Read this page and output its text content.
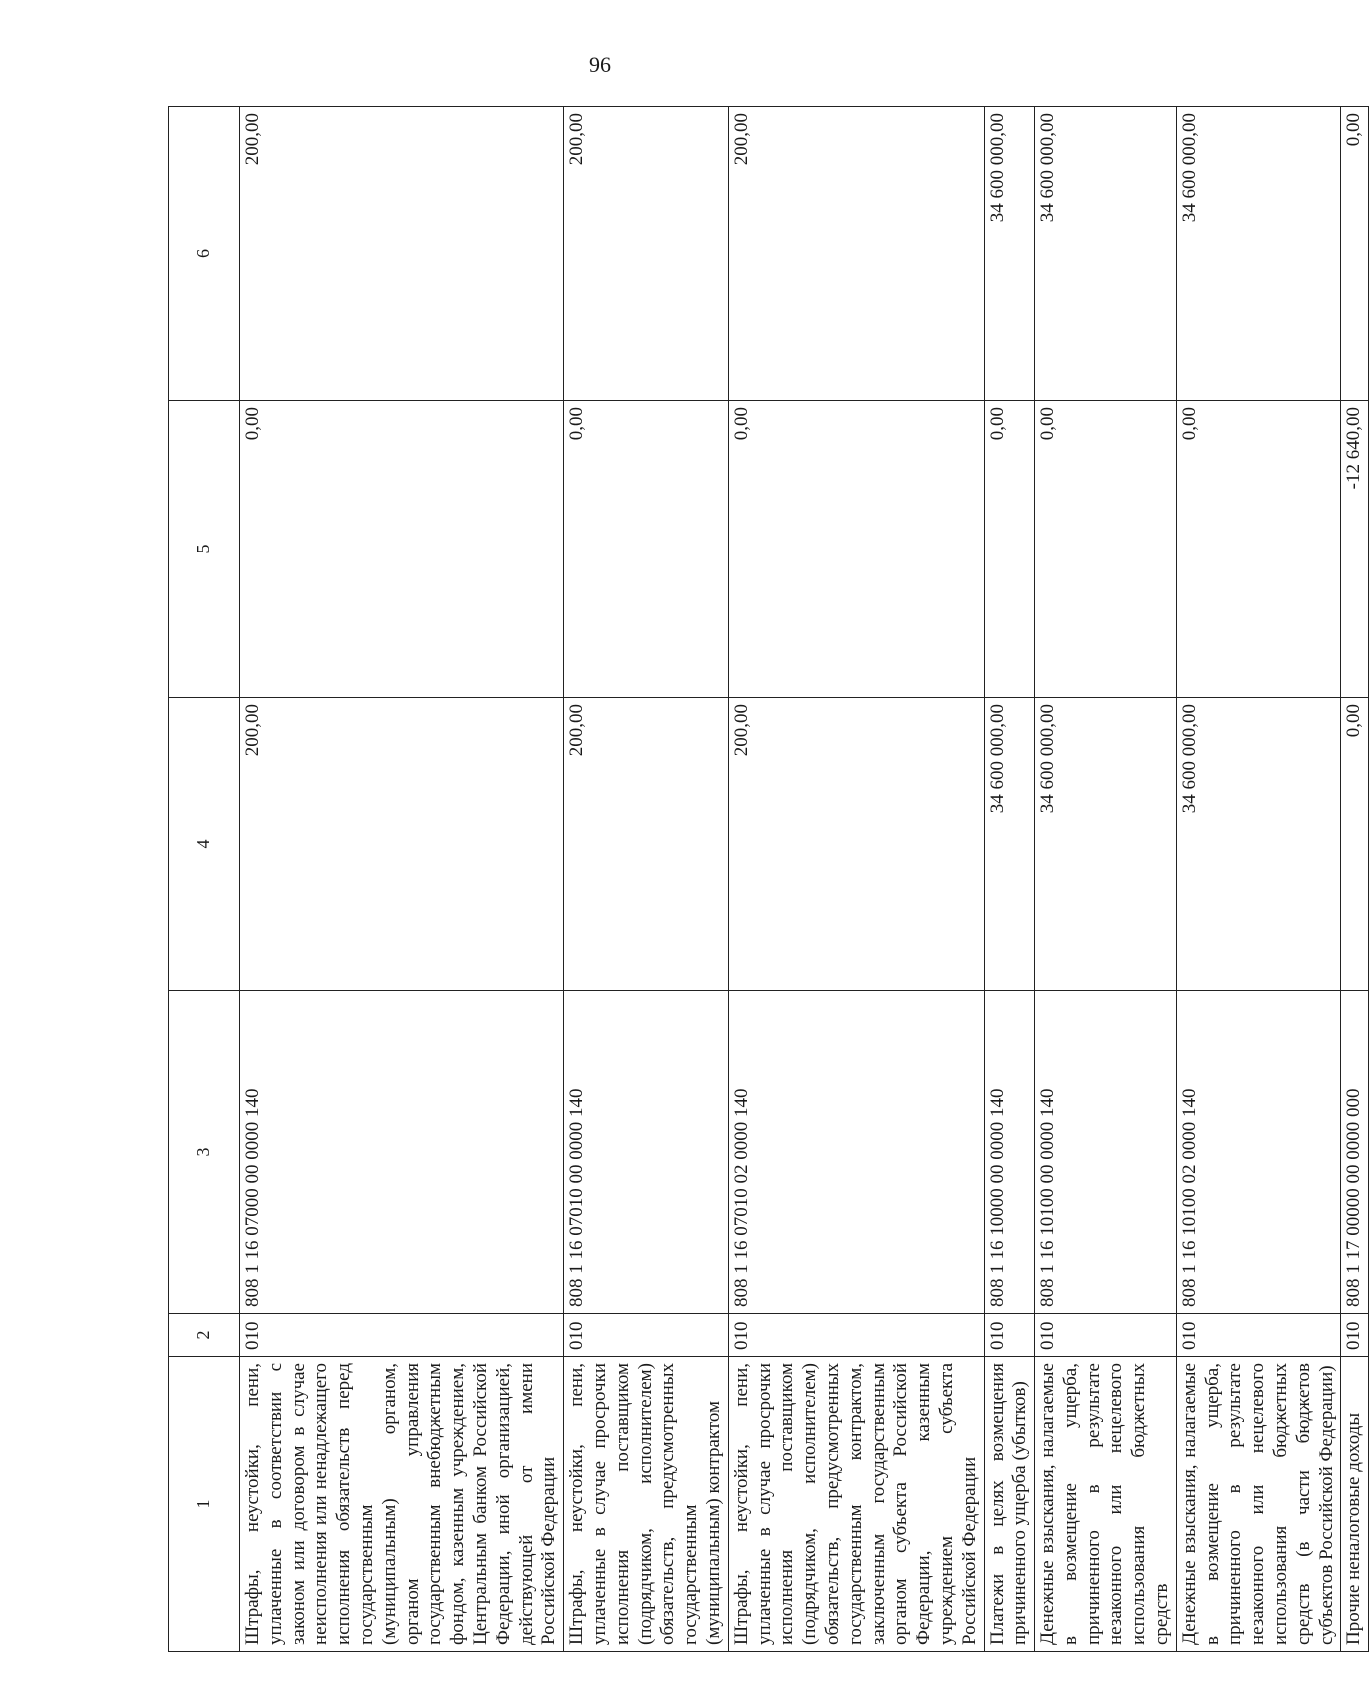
96
1	2	3	4	5	6
Штрафы, неустойки, пени, уплаченные в соответствии с законом или договором в случае неисполнения или ненадлежащего исполнения обязательств перед государственным (муниципальным) органом, органом управления государственным внебюджетным фондом, казенным учреждением, Центральным банком Российской Федерации, иной организацией, действующей от имени Российской Федерации	010	808 1 16 07000 00 0000 140	200,00	0,00	200,00
Штрафы, неустойки, пени, уплаченные в случае просрочки исполнения поставщиком (подрядчиком, исполнителем) обязательств, предусмотренных государственным (муниципальным) контрактом	010	808 1 16 07010 00 0000 140	200,00	0,00	200,00
Штрафы, неустойки, пени, уплаченные в случае просрочки исполнения поставщиком (подрядчиком, исполнителем) обязательств, предусмотренных государственным контрактом, заключенным государственным органом субъекта Российской Федерации, казенным учреждением субъекта Российской Федерации	010	808 1 16 07010 02 0000 140	200,00	0,00	200,00
Платежи в целях возмещения причиненного ущерба (убытков)	010	808 1 16 10000 00 0000 140	34 600 000,00	0,00	34 600 000,00
Денежные взыскания, налагаемые в возмещение ущерба, причиненного в результате незаконного или нецелевого использования бюджетных средств	010	808 1 16 10100 00 0000 140	34 600 000,00	0,00	34 600 000,00
Денежные взыскания, налагаемые в возмещение ущерба, причиненного в результате незаконного или нецелевого использования бюджетных средств (в части бюджетов субъектов Российской Федерации)	010	808 1 16 10100 02 0000 140	34 600 000,00	0,00	34 600 000,00
Прочие неналоговые доходы	010	808 1 17 00000 00 0000 000	0,00	-12 640,00	0,00
